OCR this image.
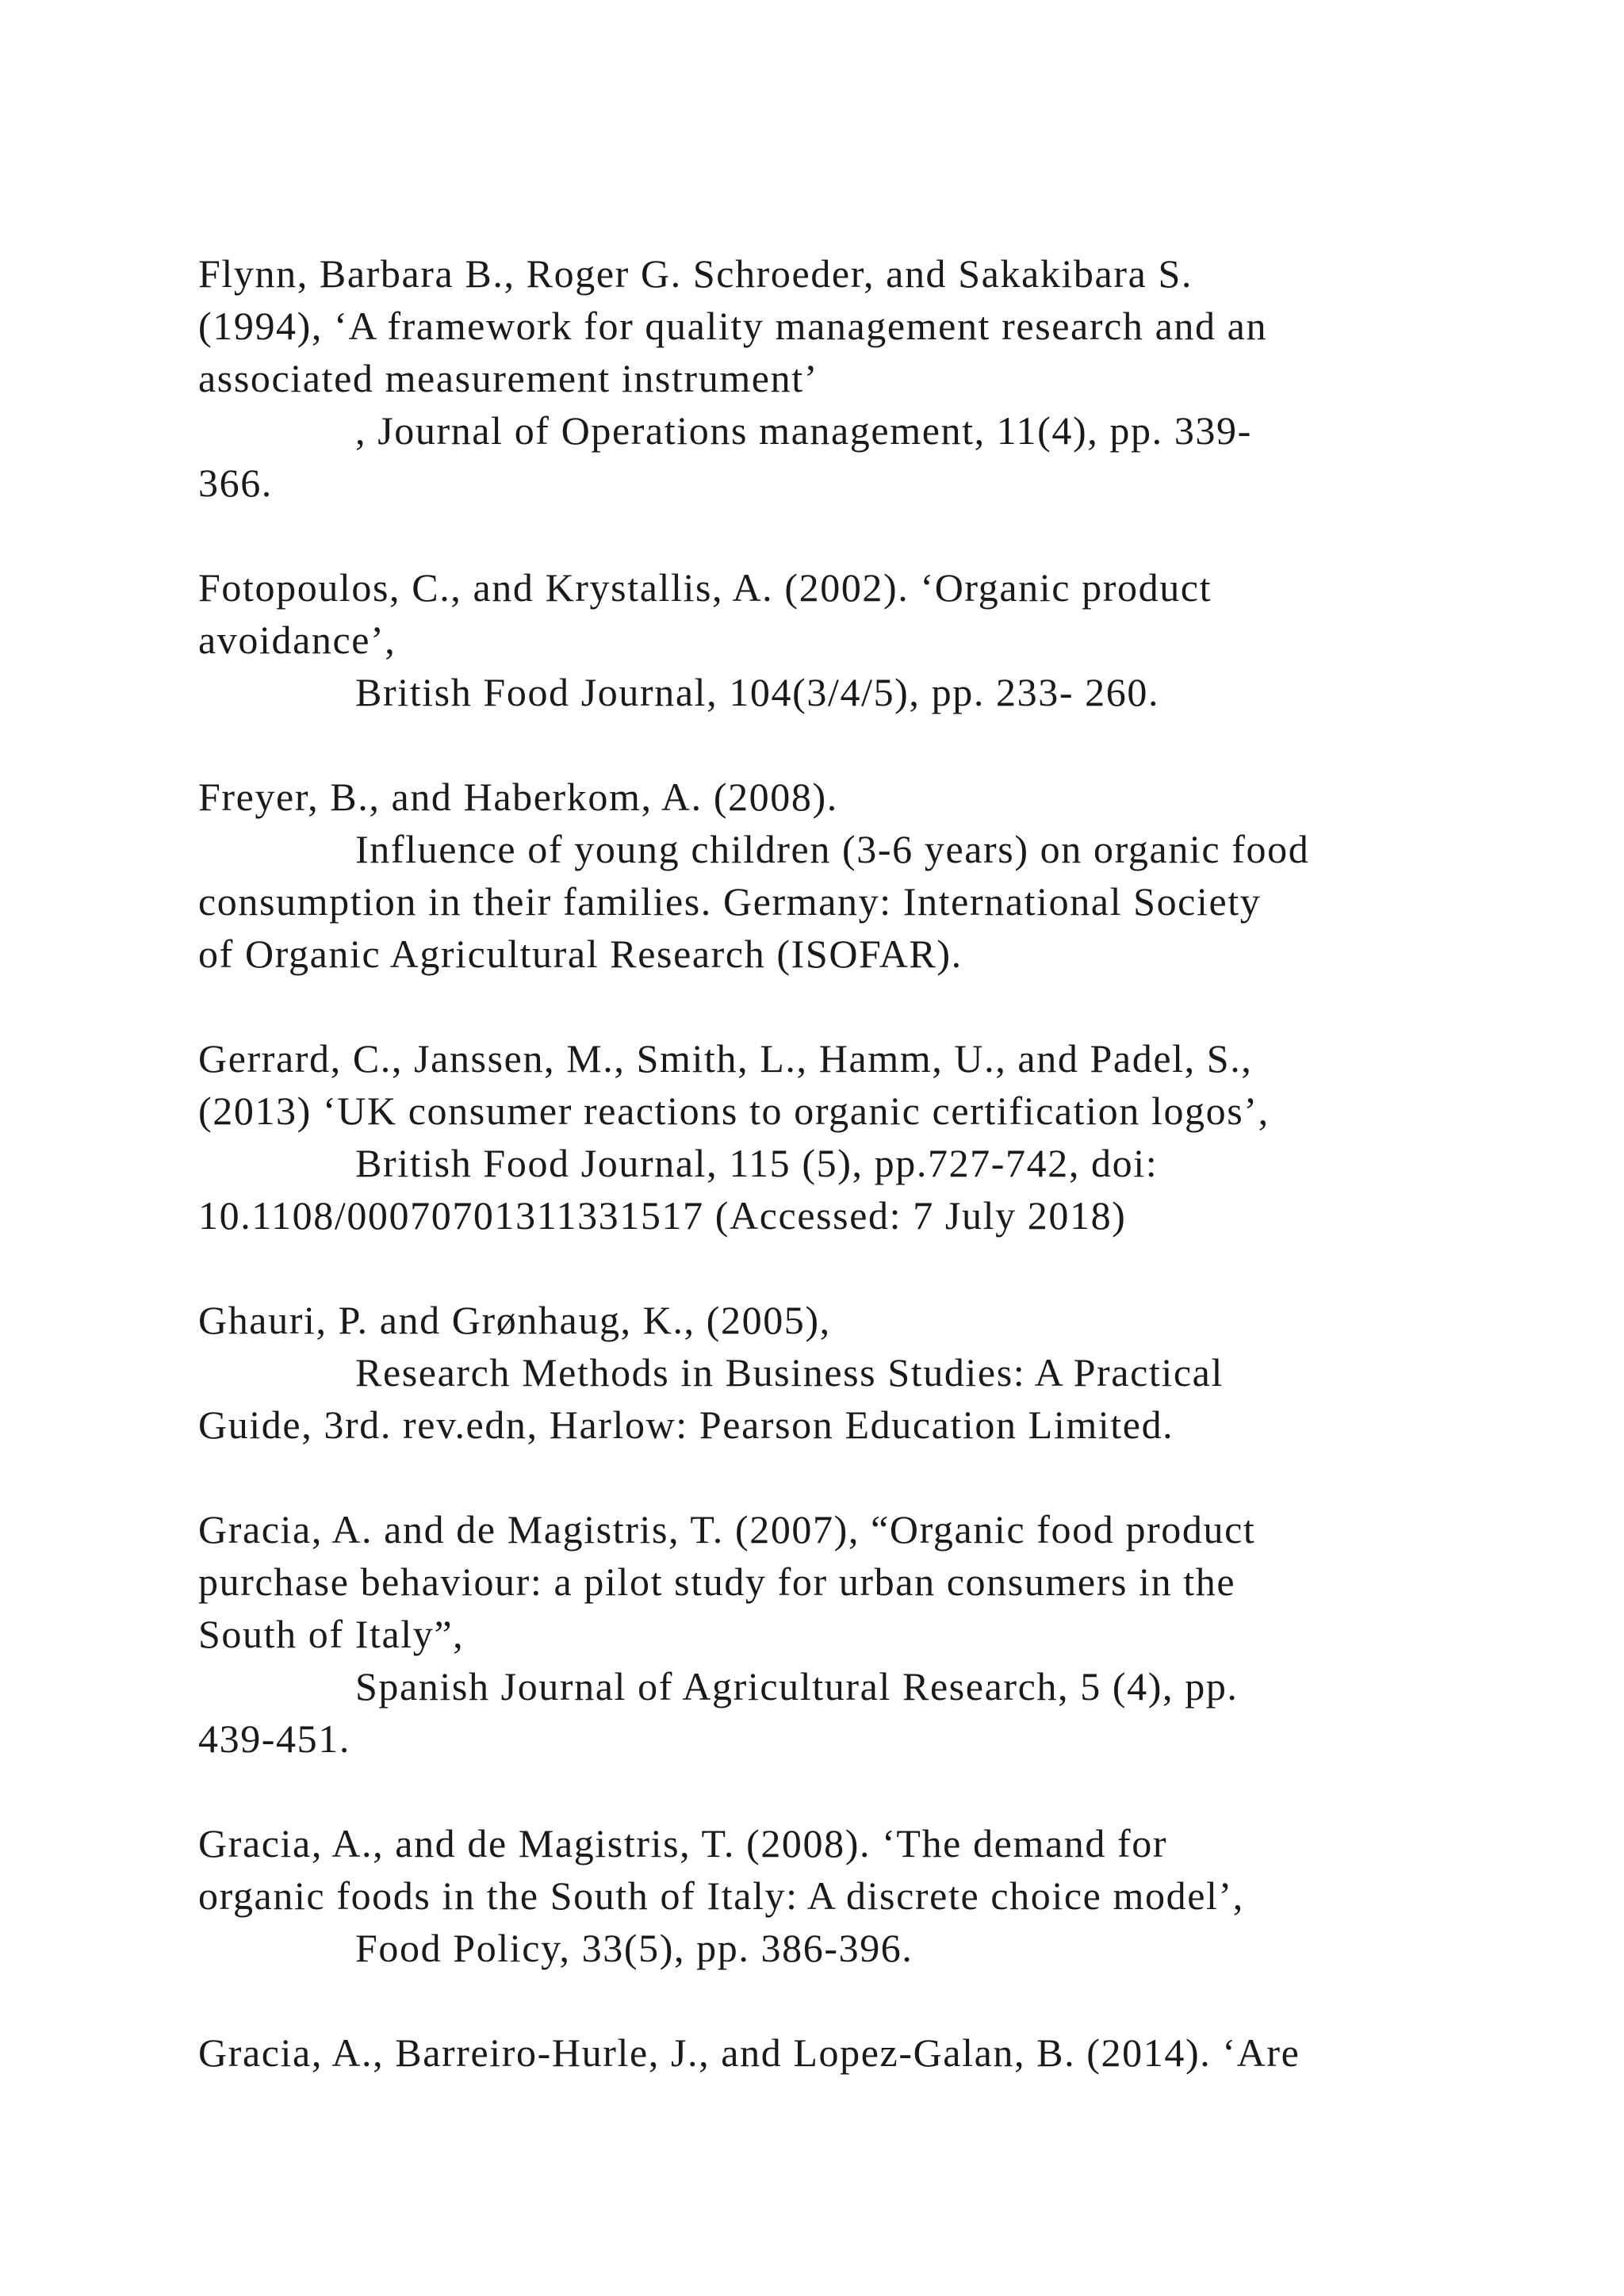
Flynn, Barbara B., Roger G. Schroeder, and Sakakibara S.
(1994), ‘A framework for quality management research and an
associated measurement instrument’
, Journal of Operations management, 11(4), pp. 339-
366.
Fotopoulos, C., and Krystallis, A. (2002). ‘Organic product
avoidance’,
British Food Journal, 104(3/4/5), pp. 233- 260.
Freyer, B., and Haberkom, A. (2008).
Influence of young children (3-6 years) on organic food
consumption in their families. Germany: International Society
of Organic Agricultural Research (ISOFAR).
Gerrard, C., Janssen, M., Smith, L., Hamm, U., and Padel, S.,
(2013) ‘UK consumer reactions to organic certification logos’,
British Food Journal, 115 (5), pp.727-742, doi:
10.1108/00070701311331517 (Accessed: 7 July 2018)
Ghauri, P. and Grønhaug, K., (2005),
Research Methods in Business Studies: A Practical
Guide, 3rd. rev.edn, Harlow: Pearson Education Limited.
Gracia, A. and de Magistris, T. (2007), “Organic food product
purchase behaviour: a pilot study for urban consumers in the
South of Italy”,
Spanish Journal of Agricultural Research, 5 (4), pp.
439-451.
Gracia, A., and de Magistris, T. (2008). ‘The demand for
organic foods in the South of Italy: A discrete choice model’,
Food Policy, 33(5), pp. 386-396.
Gracia, A., Barreiro-Hurle, J., and Lopez-Galan, B. (2014). ‘Are
